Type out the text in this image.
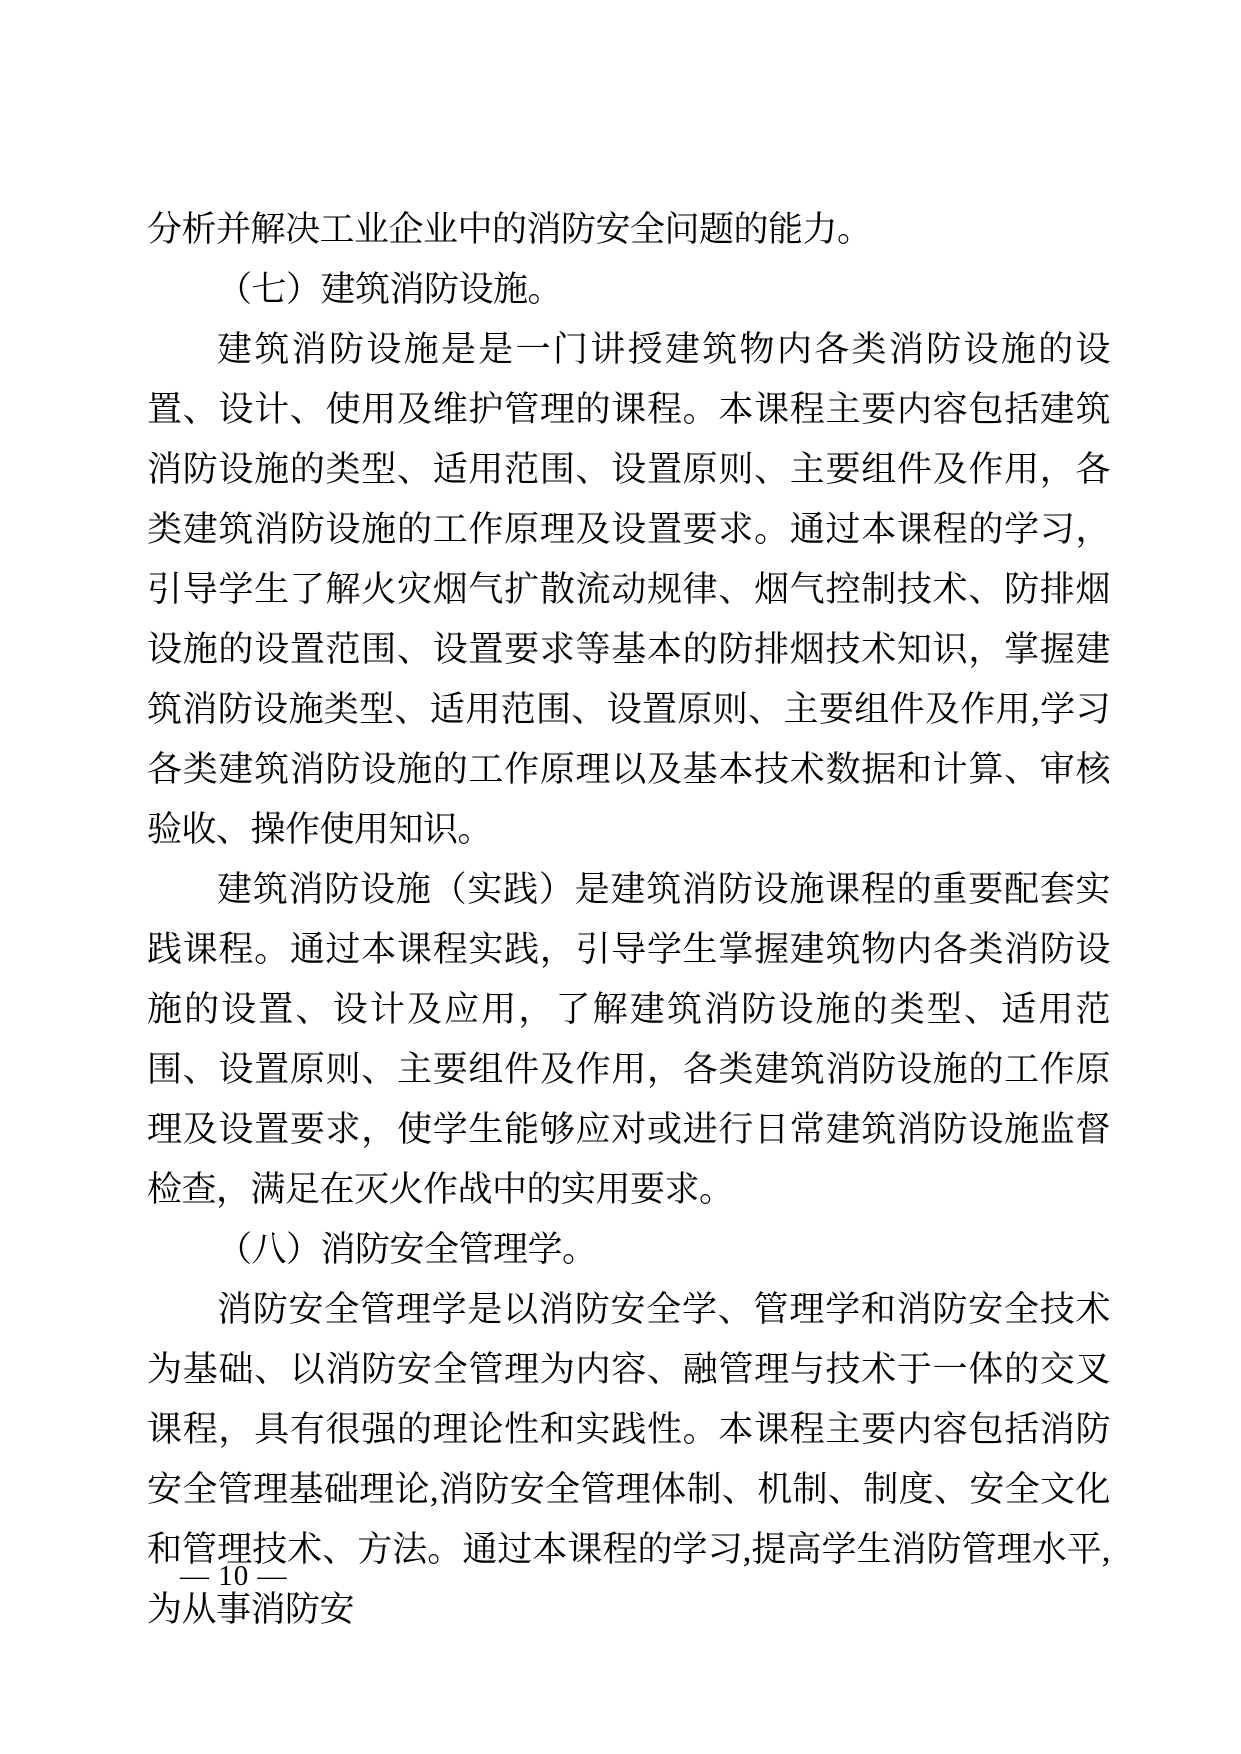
分析并解决工业企业中的消防安全问题的能力。

（七）建筑消防设施。

建筑消防设施是是一门讲授建筑物内各类消防设施的设置、设计、使用及维护管理的课程。本课程主要内容包括建筑消防设施的类型、适用范围、设置原则、主要组件及作用，各类建筑消防设施的工作原理及设置要求。通过本课程的学习，引导学生了解火灾烟气扩散流动规律、烟气控制技术、防排烟设施的设置范围、设置要求等基本的防排烟技术知识，掌握建筑消防设施类型、适用范围、设置原则、主要组件及作用,学习各类建筑消防设施的工作原理以及基本技术数据和计算、审核验收、操作使用知识。

建筑消防设施（实践）是建筑消防设施课程的重要配套实践课程。通过本课程实践，引导学生掌握建筑物内各类消防设施的设置、设计及应用，了解建筑消防设施的类型、适用范围、设置原则、主要组件及作用，各类建筑消防设施的工作原理及设置要求，使学生能够应对或进行日常建筑消防设施监督检查，满足在灭火作战中的实用要求。

（八）消防安全管理学。

消防安全管理学是以消防安全学、管理学和消防安全技术为基础、以消防安全管理为内容、融管理与技术于一体的交叉课程，具有很强的理论性和实践性。本课程主要内容包括消防安全管理基础理论,消防安全管理体制、机制、制度、安全文化和管理技术、方法。通过本课程的学习,提高学生消防管理水平,为从事消防安

— 10 —
